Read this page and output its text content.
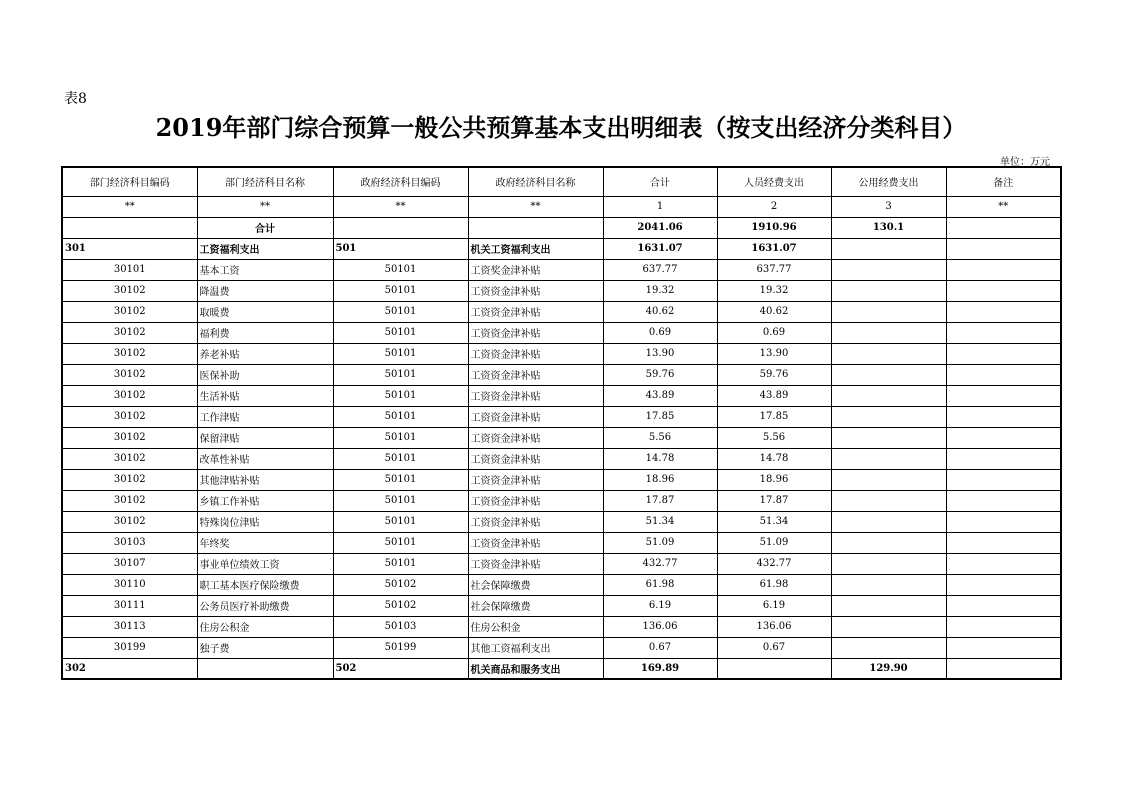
表8
2019年部门综合预算一般公共预算基本支出明细表（按支出经济分类科目）
单位：万元
部门经济科目编码	部门经济科目名称	政府经济科目编码	政府经济科目名称	合计	人员经费支出	公用经费支出	备注
**	**	**	**	1	2	3	**
	合计			2041.06	1910.96	130.1	
301	工资福利支出	501	机关工资福利支出	1631.07	1631.07		
30101	基本工资	50101	工资奖金津补贴	637.77	637.77		
30102	降温费	50101	工资资金津补贴	19.32	19.32		
30102	取暖费	50101	工资资金津补贴	40.62	40.62		
30102	福利费	50101	工资资金津补贴	0.69	0.69		
30102	养老补贴	50101	工资资金津补贴	13.90	13.90		
30102	医保补助	50101	工资资金津补贴	59.76	59.76		
30102	生活补贴	50101	工资资金津补贴	43.89	43.89		
30102	工作津贴	50101	工资资金津补贴	17.85	17.85		
30102	保留津贴	50101	工资资金津补贴	5.56	5.56		
30102	改革性补贴	50101	工资资金津补贴	14.78	14.78		
30102	其他津贴补贴	50101	工资资金津补贴	18.96	18.96		
30102	乡镇工作补贴	50101	工资资金津补贴	17.87	17.87		
30102	特殊岗位津贴	50101	工资资金津补贴	51.34	51.34		
30103	年终奖	50101	工资资金津补贴	51.09	51.09		
30107	事业单位绩效工资	50101	工资资金津补贴	432.77	432.77		
30110	职工基本医疗保险缴费	50102	社会保障缴费	61.98	61.98		
30111	公务员医疗补助缴费	50102	社会保障缴费	6.19	6.19		
30113	住房公积金	50103	住房公积金	136.06	136.06		
30199	独子费	50199	其他工资福利支出	0.67	0.67		
302		502	机关商品和服务支出	169.89		129.90	
